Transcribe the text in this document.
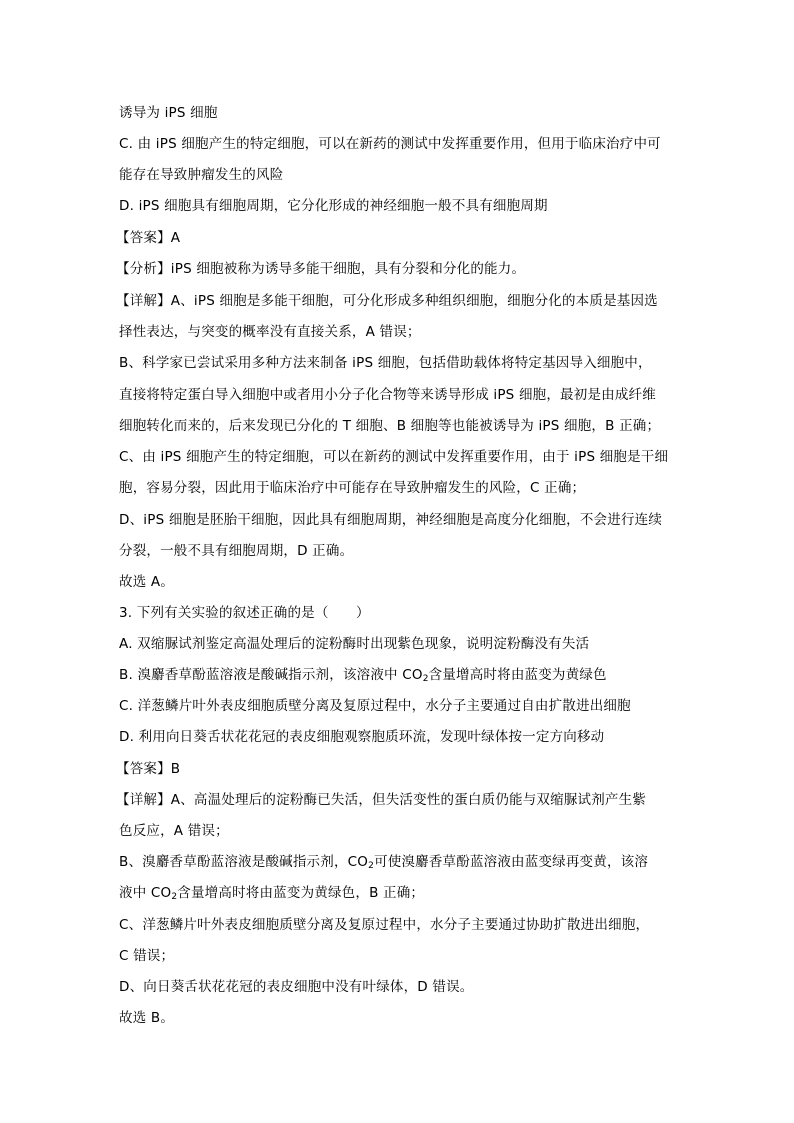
诱导为 iPS 细胞
C. 由 iPS 细胞产生的特定细胞，可以在新药的测试中发挥重要作用，但用于临床治疗中可
能存在导致肿瘤发生的风险
D. iPS 细胞具有细胞周期，它分化形成的神经细胞一般不具有细胞周期
【答案】A
【分析】iPS 细胞被称为诱导多能干细胞，具有分裂和分化的能力。
【详解】A、iPS 细胞是多能干细胞，可分化形成多种组织细胞，细胞分化的本质是基因选
择性表达，与突变的概率没有直接关系，A 错误；
B、科学家已尝试采用多种方法来制备 iPS 细胞，包括借助载体将特定基因导入细胞中，
直接将特定蛋白导入细胞中或者用小分子化合物等来诱导形成 iPS 细胞，最初是由成纤维
细胞转化而来的，后来发现已分化的 T 细胞、B 细胞等也能被诱导为 iPS 细胞，B 正确；
C、由 iPS 细胞产生的特定细胞，可以在新药的测试中发挥重要作用，由于 iPS 细胞是干细
胞，容易分裂，因此用于临床治疗中可能存在导致肿瘤发生的风险，C 正确；
D、iPS 细胞是胚胎干细胞，因此具有细胞周期，神经细胞是高度分化细胞，不会进行连续
分裂，一般不具有细胞周期，D 正确。
故选 A。
3. 下列有关实验的叙述正确的是（　　）
A. 双缩脲试剂鉴定高温处理后的淀粉酶时出现紫色现象，说明淀粉酶没有失活
B. 溴麝香草酚蓝溶液是酸碱指示剂，该溶液中 $CO_2$含量增高时将由蓝变为黄绿色
C. 洋葱鳞片叶外表皮细胞质壁分离及复原过程中，水分子主要通过自由扩散进出细胞
D. 利用向日葵舌状花花冠的表皮细胞观察胞质环流，发现叶绿体按一定方向移动
【答案】B
【详解】A、高温处理后的淀粉酶已失活，但失活变性的蛋白质仍能与双缩脲试剂产生紫
色反应，A 错误；
B、溴麝香草酚蓝溶液是酸碱指示剂，$CO_2$可使溴麝香草酚蓝溶液由蓝变绿再变黄，该溶
液中 $CO_2$含量增高时将由蓝变为黄绿色，B 正确；
C、洋葱鳞片叶外表皮细胞质壁分离及复原过程中，水分子主要通过协助扩散进出细胞，
C 错误；
D、向日葵舌状花花冠的表皮细胞中没有叶绿体，D 错误。
故选 B。
